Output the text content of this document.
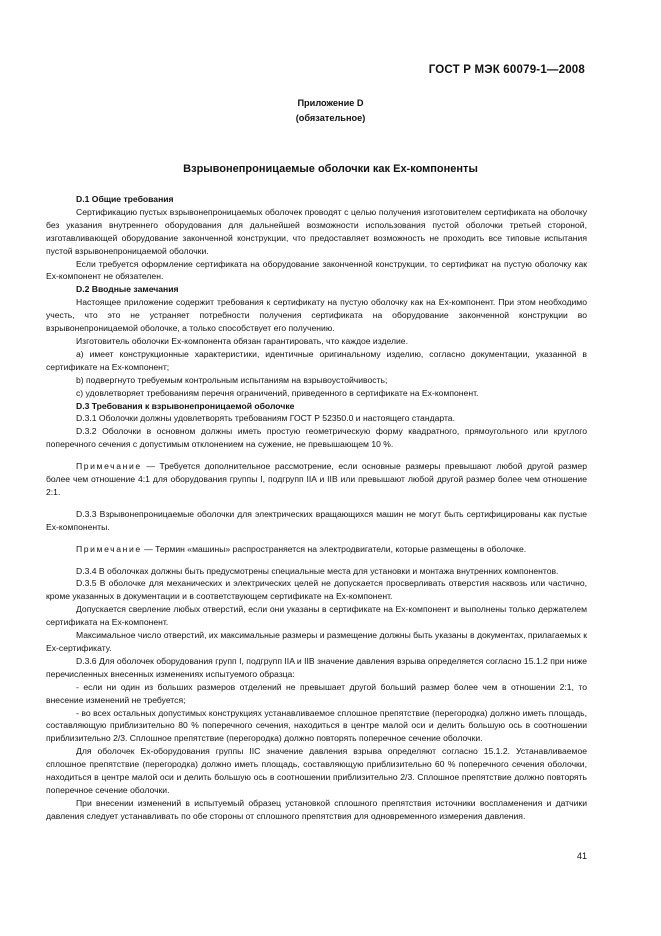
ГОСТ Р МЭК 60079-1—2008
Приложение D
(обязательное)
Взрывонепроницаемые оболочки как Ex-компоненты

D.1 Общие требования

Сертификацию пустых взрывонепроницаемых оболочек проводят с целью получения изготовителем сертификата на оболочку без указания внутреннего оборудования для дальнейшей возможности использования пустой оболочки третьей стороной, изготавливающей оборудование законченной конструкции, что предоставляет возможность не проходить все типовые испытания пустой взрывонепроницаемой оболочки.

Если требуется оформление сертификата на оборудование законченной конструкции, то сертификат на пустую оболочку как Ex-компонент не обязателен.

D.2 Вводные замечания

Настоящее приложение содержит требования к сертификату на пустую оболочку как на Ex-компонент. При этом необходимо учесть, что это не устраняет потребности получения сертификата на оборудование законченной конструкции во взрывонепроницаемой оболочке, а только способствует его получению.

Изготовитель оболочки Ex-компонента обязан гарантировать, что каждое изделие.

а) имеет конструкционные характеристики, идентичные оригинальному изделию, согласно документации, указанной в сертификате на Ex-компонент;

b) подвергнуто требуемым контрольным испытаниям на взрывоустойчивость;

c) удовлетворяет требованиям перечня ограничений, приведенного в сертификате на Ex-компонент.

D.3 Требования к взрывонепроницаемой оболочке

D.3.1 Оболочки должны удовлетворять требованиям ГОСТ Р 52350.0 и настоящего стандарта.

D.3.2 Оболочки в основном должны иметь простую геометрическую форму квадратного, прямоугольного или круглого поперечного сечения с допустимым отклонением на сужение, не превышающем 10 %.

Примечание — Требуется дополнительное рассмотрение, если основные размеры превышают любой другой размер более чем отношение 4:1 для оборудования группы I, подгрупп IIA и IIB или превышают любой другой размер более чем отношение 2:1.

D.3.3 Взрывонепроницаемые оболочки для электрических вращающихся машин не могут быть сертифицированы как пустые Ex-компоненты.

Примечание — Термин «машины» распространяется на электродвигатели, которые размещены в оболочке.

D.3.4 В оболочках должны быть предусмотрены специальные места для установки и монтажа внутренних компонентов.

D.3.5 В оболочке для механических и электрических целей не допускается просверливать отверстия насквозь или частично, кроме указанных в документации и в соответствующем сертификате на Ex-компонент.

Допускается сверление любых отверстий, если они указаны в сертификате на Ex-компонент и выполнены только держателем сертификата на Ex-компонент.

Максимальное число отверстий, их максимальные размеры и размещение должны быть указаны в документах, прилагаемых к Ex-сертификату.

D.3.6 Для оболочек оборудования групп I, подгрупп IIA и IIB значение давления взрыва определяется согласно 15.1.2 при ниже перечисленных внесенных изменениях испытуемого образца:

- если ни один из больших размеров отделений не превышает другой больший размер более чем в отношении 2:1, то внесение изменений не требуется;

- во всех остальных допустимых конструкциях устанавливаемое сплошное препятствие (перегородка) должно иметь площадь, составляющую приблизительно 80 % поперечного сечения, находиться в центре малой оси и делить большую ось в соотношении приблизительно 2/3. Сплошное препятствие (перегородка) должно повторять поперечное сечение оболочки.

Для оболочек Ex-оборудования группы IIC значение давления взрыва определяют согласно 15.1.2. Устанавливаемое сплошное препятствие (перегородка) должно иметь площадь, составляющую приблизительно 60 % поперечного сечения оболочки, находиться в центре малой оси и делить большую ось в соотношении приблизительно 2/3. Сплошное препятствие должно повторять поперечное сечение оболочки.

При внесении изменений в испытуемый образец установкой сплошного препятствия источники воспламенения и датчики давления следует устанавливать по обе стороны от сплошного препятствия для одновременного измерения давления.

41
